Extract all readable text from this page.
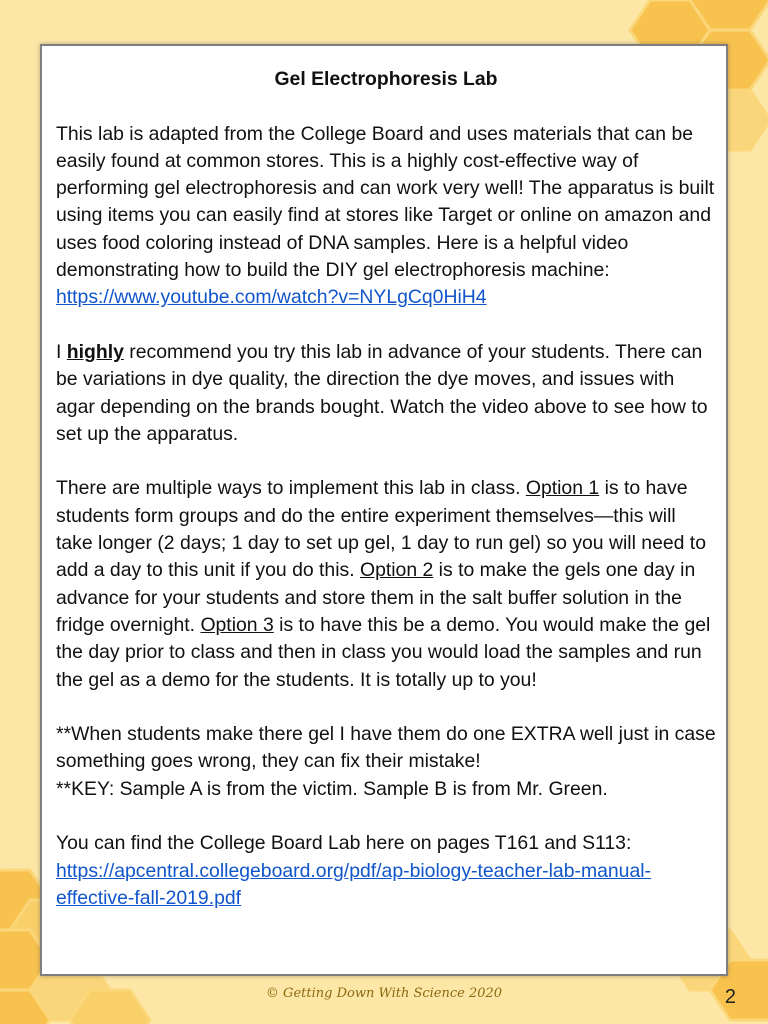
Gel Electrophoresis Lab

This lab is adapted from the College Board and uses materials that can be easily found at common stores. This is a highly cost-effective way of performing gel electrophoresis and can work very well! The apparatus is built using items you can easily find at stores like Target or online on amazon and uses food coloring instead of DNA samples. Here is a helpful video demonstrating how to build the DIY gel electrophoresis machine: https://www.youtube.com/watch?v=NYLgCq0HiH4

I highly recommend you try this lab in advance of your students. There can be variations in dye quality, the direction the dye moves, and issues with agar depending on the brands bought. Watch the video above to see how to set up the apparatus.

There are multiple ways to implement this lab in class. Option 1 is to have students form groups and do the entire experiment themselves—this will take longer (2 days; 1 day to set up gel, 1 day to run gel) so you will need to add a day to this unit if you do this. Option 2 is to make the gels one day in advance for your students and store them in the salt buffer solution in the fridge overnight. Option 3 is to have this be a demo. You would make the gel the day prior to class and then in class you would load the samples and run the gel as a demo for the students. It is totally up to you!

**When students make there gel I have them do one EXTRA well just in case something goes wrong, they can fix their mistake!

**KEY: Sample A is from the victim. Sample B is from Mr. Green.

You can find the College Board Lab here on pages T161 and S113:

https://apcentral.collegeboard.org/pdf/ap-biology-teacher-lab-manual-effective-fall-2019.pdf

© Getting Down With Science 2020	2
